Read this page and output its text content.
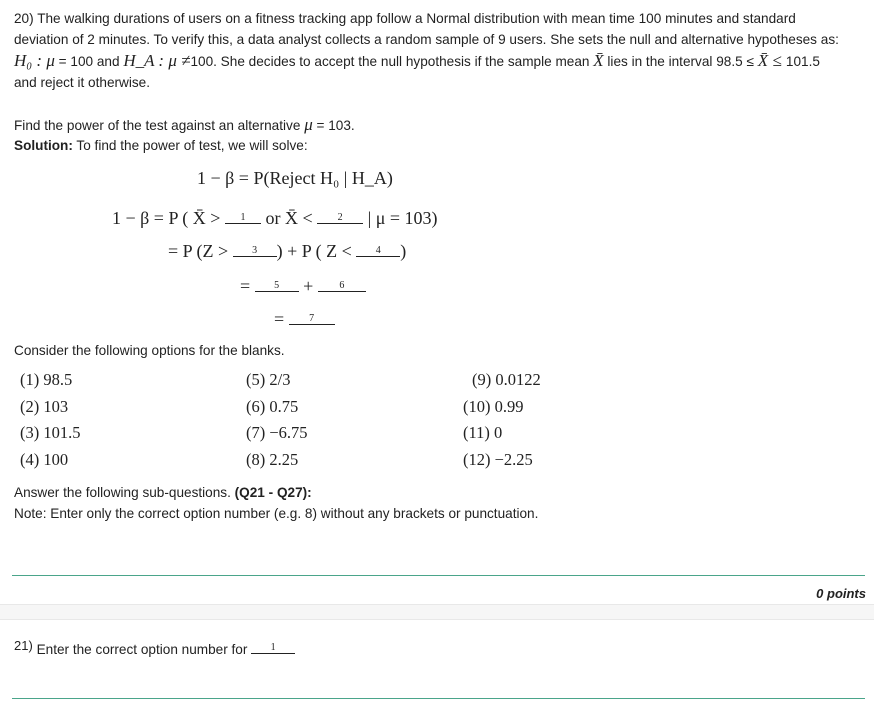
20) The walking durations of users on a fitness tracking app follow a Normal distribution with mean time 100 minutes and standard

deviation of 2 minutes. To verify this, a data analyst collects a random sample of 9 users. She sets the null and alternative hypotheses as:

H₀ : μ = 100 and H_A : μ ≠100. She decides to accept the null hypothesis if the sample mean X̄ lies in the interval 98.5 ≤ X̄ ≤ 101.5

and reject it otherwise.

Find the power of the test against an alternative μ = 103.
Solution: To find the power of test, we will solve:
1 − β = P(Reject H₀ | H_A)
1 − β = P ( X̄ > 1 or X̄ < 2 | μ = 103)
= P (Z > 3 ) + P ( Z < 4 )
= 5 +	6
=	7
Consider the following options for the blanks.
(1) 98.5
(2) 103
(3) 101.5
(4) 100
(5) 2/3
(6) 0.75
(7) −6.75
(8) 2.25
(9) 0.0122
(10) 0.99
(11) 0
(12) −2.25
Answer the following sub-questions. (Q21 - Q27):
Note: Enter only the correct option number (e.g. 8) without any brackets or punctuation.
0 points
21) Enter the correct option number for 1
